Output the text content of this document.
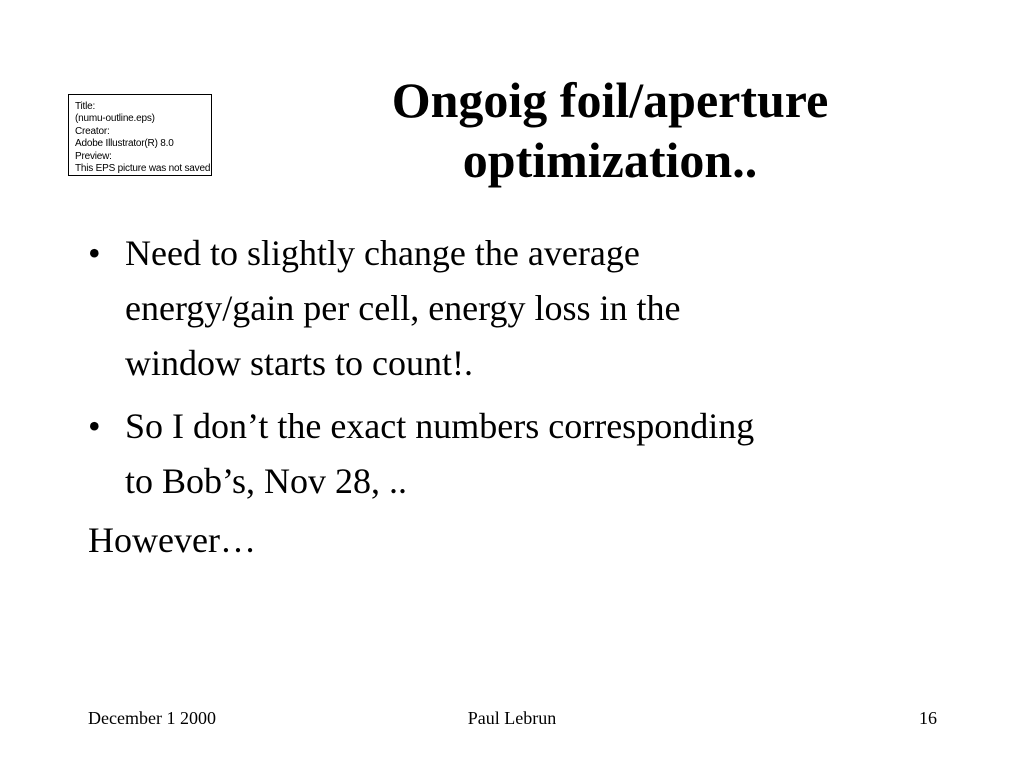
Title:
(numu-outline.eps)
Creator:
Adobe Illustrator(R) 8.0
Preview:
This EPS picture was not saved
Ongoig foil/aperture
optimization..
• Need to slightly change the average
energy/gain per cell, energy loss in the
window starts to count!.
• So I don’t the exact numbers corresponding
to Bob’s, Nov 28, ..
However…
December 1 2000	Paul Lebrun	16
